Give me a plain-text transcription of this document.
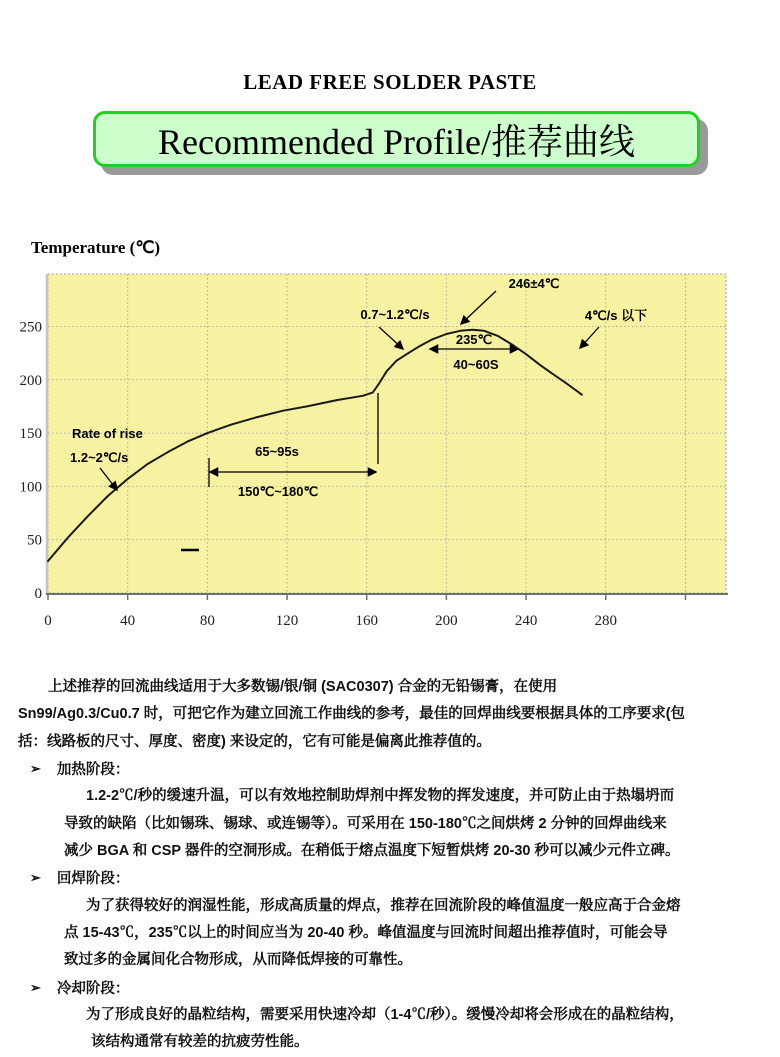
LEAD FREE SOLDER PASTE
Recommended Profile/推荐曲线
Temperature (℃)
0	40	80	120	160	200	240	280
0
50
100
150
200
250
Rate of rise
1.2~2℃/s	65~95s
150℃~180℃
0.7~1.2℃/s
246±4℃
4℃/s 以下
235℃
40~60S
上述推荐的回流曲线适用于大多数锡/银/铜 (SAC0307) 合金的无铅锡膏，在使用
Sn99/Ag0.3/Cu0.7 时，可把它作为建立回流工作曲线的参考，最佳的回焊曲线要根据具体的工序要求(包
括：线路板的尺寸、厚度、密度) 来设定的，它有可能是偏离此推荐值的。
➢ 加热阶段：
1.2-2℃/秒的缓速升温，可以有效地控制助焊剂中挥发物的挥发速度，并可防止由于热塌坍而
导致的缺陷（比如锡珠、锡球、或连锡等）。可采用在 150-180℃之间烘烤 2 分钟的回焊曲线来
减少 BGA 和 CSP 器件的空洞形成。在稍低于熔点温度下短暂烘烤 20-30 秒可以减少元件立碑。
➢ 回焊阶段：
为了获得较好的润湿性能，形成高质量的焊点，推荐在回流阶段的峰值温度一般应高于合金熔
点 15-43℃，235℃以上的时间应当为 20-40 秒。峰值温度与回流时间超出推荐值时，可能会导
致过多的金属间化合物形成，从而降低焊接的可靠性。
➢ 冷却阶段：
为了形成良好的晶粒结构，需要采用快速冷却（1-4℃/秒）。缓慢冷却将会形成在的晶粒结构，
该结构通常有较差的抗疲劳性能。
